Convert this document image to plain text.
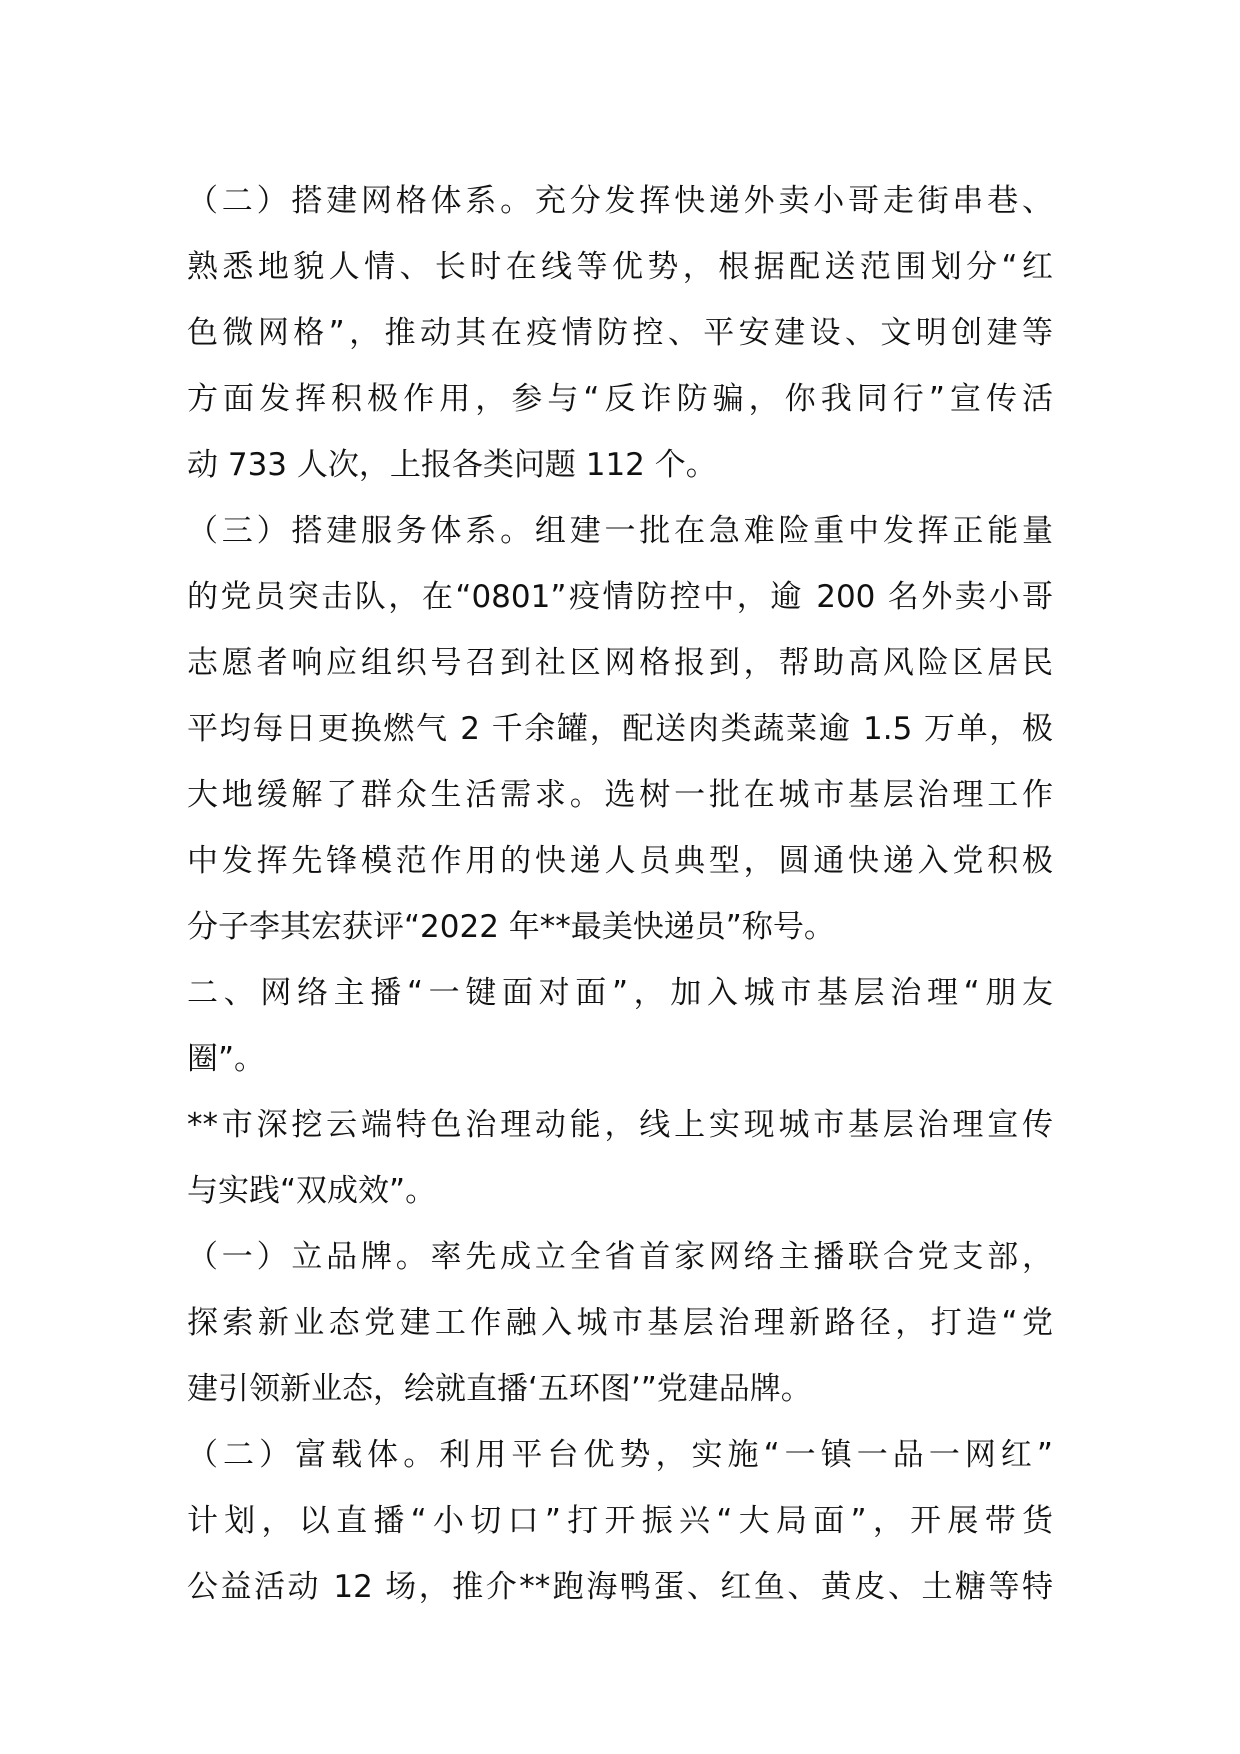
（二）搭建网格体系。充分发挥快递外卖小哥走街串巷、
熟悉地貌人情、长时在线等优势，根据配送范围划分“红
色微网格”，推动其在疫情防控、平安建设、文明创建等
方面发挥积极作用，参与“反诈防骗，你我同行”宣传活
动 733 人次，上报各类问题 112 个。
（三）搭建服务体系。组建一批在急难险重中发挥正能量
的党员突击队，在“0801”疫情防控中，逾 200 名外卖小哥
志愿者响应组织号召到社区网格报到，帮助高风险区居民
平均每日更换燃气 2 千余罐，配送肉类蔬菜逾 1.5 万单，极
大地缓解了群众生活需求。选树一批在城市基层治理工作
中发挥先锋模范作用的快递人员典型，圆通快递入党积极
分子李其宏获评“2022 年**最美快递员”称号。
二、网络主播“一键面对面”，加入城市基层治理“朋友
圈”。
**市深挖云端特色治理动能，线上实现城市基层治理宣传
与实践“双成效”。
（一）立品牌。率先成立全省首家网络主播联合党支部，
探索新业态党建工作融入城市基层治理新路径，打造“党
建引领新业态，绘就直播‘五环图’”党建品牌。
（二）富载体。利用平台优势，实施“一镇一品一网红”
计划，以直播“小切口”打开振兴“大局面”，开展带货
公益活动 12 场，推介**跑海鸭蛋、红鱼、黄皮、土糖等特
